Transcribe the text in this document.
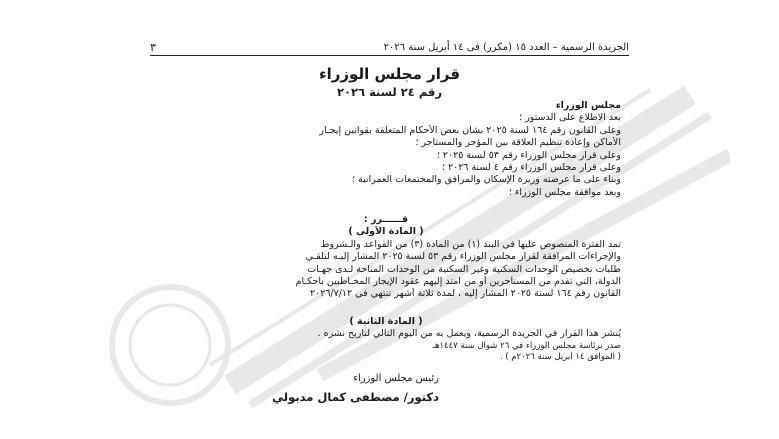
الجريدة الرسمية – العدد ١٥ (مكرر) فى ١٤ أبريل سنة ٢٠٢٦
٣
قرار مجلس الوزراء
رقم ٢٤ لسنة ٢٠٢٦
مجلس الوزراء
بعد الاطلاع على الدستور ؛
وعلى القانون رقم ١٦٤ لسنة ٢٠٢٥ بشأن بعض الأحكام المتعلقة بقوانين إيجـار
الأماكن وإعادة تنظيم العلاقة بين المؤجر والمستأجر ؛
وعلى قرار مجلس الوزراء رقم ٥٣ لسنة ٢٠٢٥ ؛
وعلى قرار مجلس الوزراء رقم ٤ لسنة ٢٠٢٦ ؛
وبناء على ما عرضته وزيرة الإسكان والمرافق والمجتمعات العمرانية ؛
وبعد موافقة مجلس الوزراء ؛
قــــــرر :
( المادة الأولى )
تمد الفترة المنصوص عليها في البند (١) من المادة (٣) من القواعد والـشروط
والإجراءات المرافقة لقرار مجلس الوزراء رقم ٥٣ لسنة ٢٠٢٥ المشار إليـه لتلقـي
طلبات تخصيص الوحدات السكنية وغير السكنية من الوحدات المتاحة لـدى جهـات
الدولة، التي تقدم من المستأجرين أو من امتد إليهم عقود الإيجار المخـاطبين بأحكـام
القانون رقم ١٦٤ لسنة ٢٠٢٥ المشار إليه ، لمدة ثلاثة أشهر تنتهي في ٢٠٢٦/٧/١٢
( المادة الثانية )
يُنشر هذا القرار في الجريدة الرسمية، ويعمل به من اليوم التالي لتاريخ نشره .
صدر برئاسة مجلس الوزراء في ٢٦ شوال سنة ١٤٤٧هـ
( الموافق ١٤ أبريل سنة ٢٠٢٦م ) .
رئيس مجلس الوزراء
دكتور/ مصطفى كمال مدبولي
